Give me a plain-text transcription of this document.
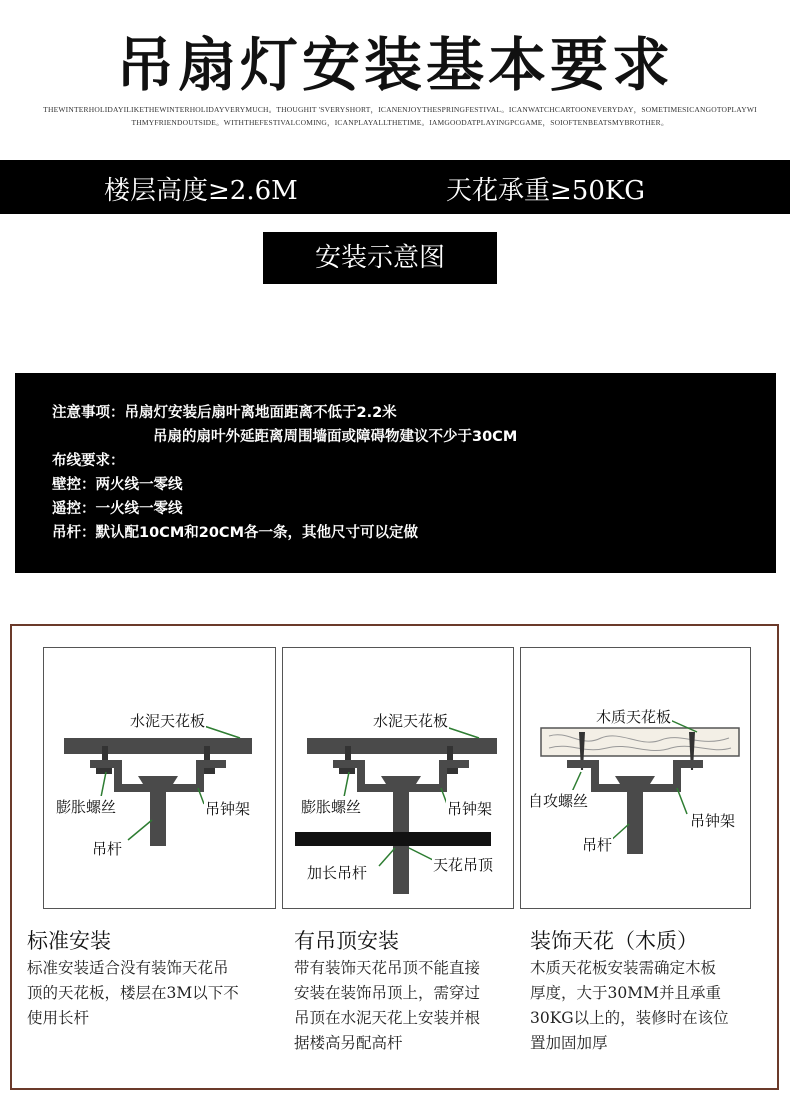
吊扇灯安装基本要求
THEWINTERHOLIDAYILIKETHEWINTERHOLIDAYVERYMUCH。THOUGHIT 'SVERYSHORT，ICANENJOYTHESPRINGFESTIVAL。ICANWATCHCARTOONEVERYDAY，SOMETIMESICANGOTOPLAYWI
THMYFRIENDOUTSIDE。WITHTHEFESTIVALCOMING，ICANPLAYALLTHETIME。IAMGOODATPLAYINGPCGAME，SOIOFTENBEATSMYBROTHER。
楼层高度≥2.6M	天花承重≥50KG
安装示意图
注意事项：吊扇灯安装后扇叶离地面距离不低于2.2米
吊扇的扇叶外延距离周围墙面或障碍物建议不少于30CM
布线要求：
壁控：两火线一零线
遥控：一火线一零线
吊杆：默认配10CM和20CM各一条，其他尺寸可以定做
水泥天花板
膨胀螺丝	吊钟架
吊杆
水泥天花板
膨胀螺丝	吊钟架
加长吊杆	天花吊顶
木质天花板
自攻螺丝
吊钟架
吊杆
标准安装
标准安装适合没有装饰天花吊
顶的天花板，楼层在3M以下不
使用长杆
有吊顶安装
带有装饰天花吊顶不能直接
安装在装饰吊顶上，需穿过
吊顶在水泥天花上安装并根
据楼高另配高杆
装饰天花（木质）
木质天花板安装需确定木板
厚度，大于30MM并且承重
30KG以上的，装修时在该位
置加固加厚
